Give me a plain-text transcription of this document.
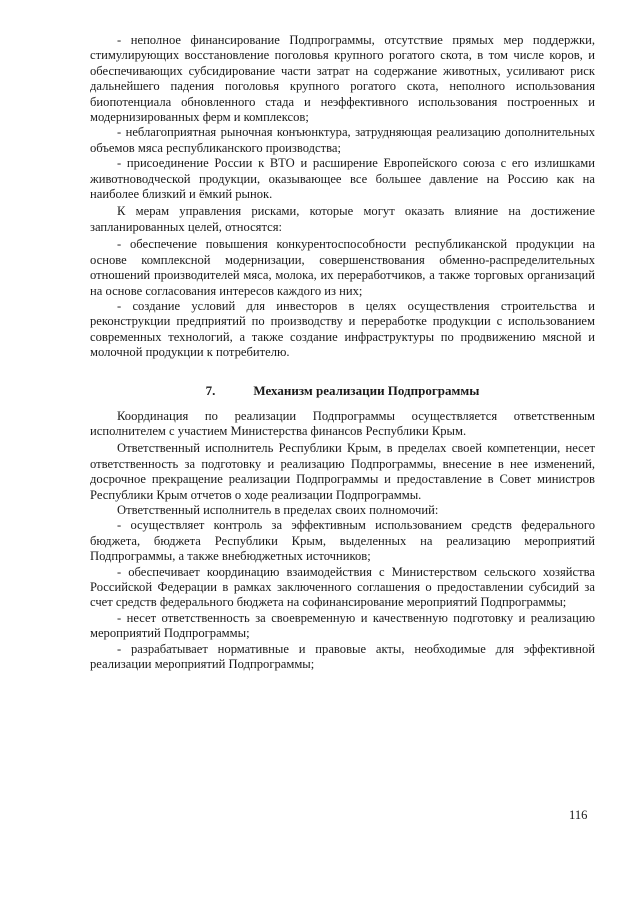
- неполное финансирование Подпрограммы, отсутствие прямых мер поддержки, стимулирующих восстановление поголовья крупного рогатого скота, в том числе коров, и обеспечивающих субсидирование части затрат на содержание животных, усиливают риск дальнейшего падения поголовья крупного рогатого скота, неполного использования биопотенциала обновленного стада и неэффективного использования построенных и модернизированных ферм и комплексов;

- неблагоприятная рыночная конъюнктура, затрудняющая реализацию дополнительных объемов мяса республиканского производства;

- присоединение России к ВТО и расширение Европейского союза с его излишками животноводческой продукции, оказывающее все большее давление на Россию как на наиболее близкий и ёмкий рынок.

К мерам управления рисками, которые могут оказать влияние на достижение запланированных целей, относятся:

- обеспечение повышения конкурентоспособности республиканской продукции на основе комплексной модернизации, совершенствования обменно-распределительных отношений производителей мяса, молока, их переработчиков, а также торговых организаций на основе согласования интересов каждого из них;

- создание условий для инвесторов в целях осуществления строительства и реконструкции предприятий по производству и переработке продукции с использованием современных технологий, а также создание инфраструктуры по продвижению мясной и молочной продукции к потребителю.

7.	Механизм реализации Подпрограммы

Координация по реализации Подпрограммы осуществляется ответственным исполнителем с участием Министерства финансов Республики Крым.

Ответственный исполнитель Республики Крым, в пределах своей компетенции, несет ответственность за подготовку и реализацию Подпрограммы, внесение в нее изменений, досрочное прекращение реализации Подпрограммы и предоставление в Совет министров Республики Крым отчетов о ходе реализации Подпрограммы.

Ответственный исполнитель в пределах своих полномочий:

- осуществляет контроль за эффективным использованием средств федерального бюджета, бюджета Республики Крым, выделенных на реализацию мероприятий Подпрограммы, а также внебюджетных источников;

- обеспечивает координацию взаимодействия с Министерством сельского хозяйства Российской Федерации в рамках заключенного соглашения о предоставлении субсидий за счет средств федерального бюджета на софинансирование мероприятий Подпрограммы;

- несет ответственность за своевременную и качественную подготовку и реализацию мероприятий Подпрограммы;

- разрабатывает нормативные и правовые акты, необходимые для эффективной реализации мероприятий Подпрограммы;

116
